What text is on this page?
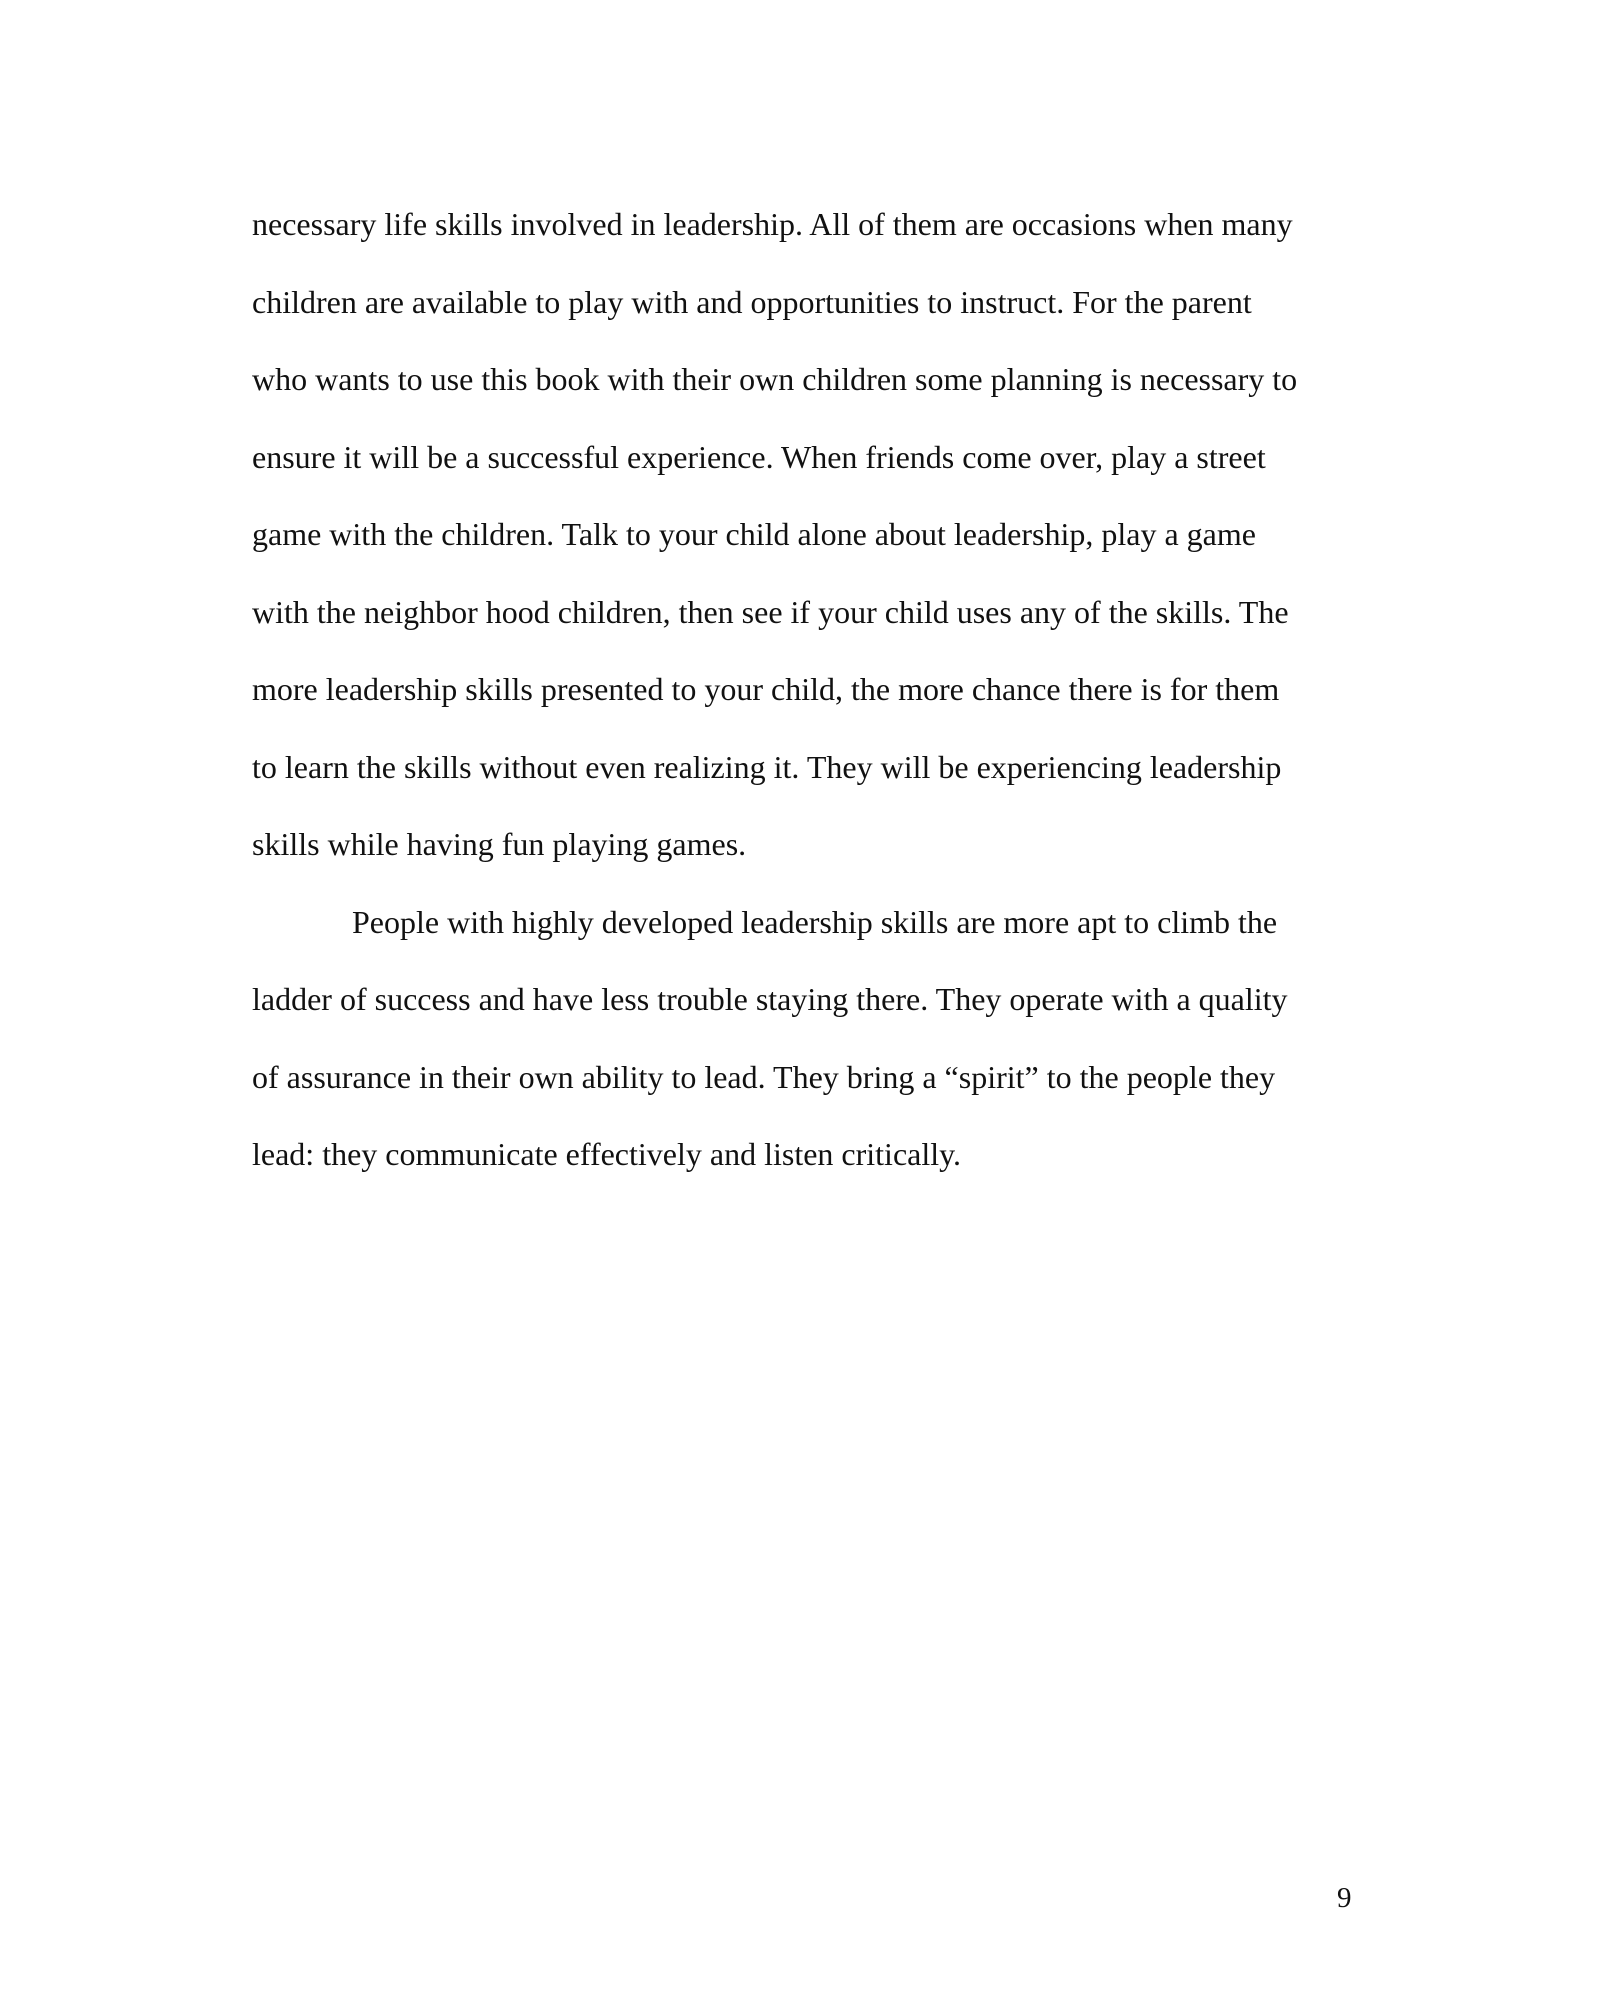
necessary life skills involved in leadership. All of them are occasions when many
children are available to play with and opportunities to instruct. For the parent
who wants to use this book with their own children some planning is necessary to
ensure it will be a successful experience. When friends come over, play a street
game with the children. Talk to your child alone about leadership, play a game
with the neighbor hood children, then see if your child uses any of the skills. The
more leadership skills presented to your child, the more chance there is for them
to learn the skills without even realizing it. They will be experiencing leadership
skills while having fun playing games.
People with highly developed leadership skills are more apt to climb the
ladder of success and have less trouble staying there. They operate with a quality
of assurance in their own ability to lead. They bring a “spirit” to the people they
lead: they communicate effectively and listen critically.
9
